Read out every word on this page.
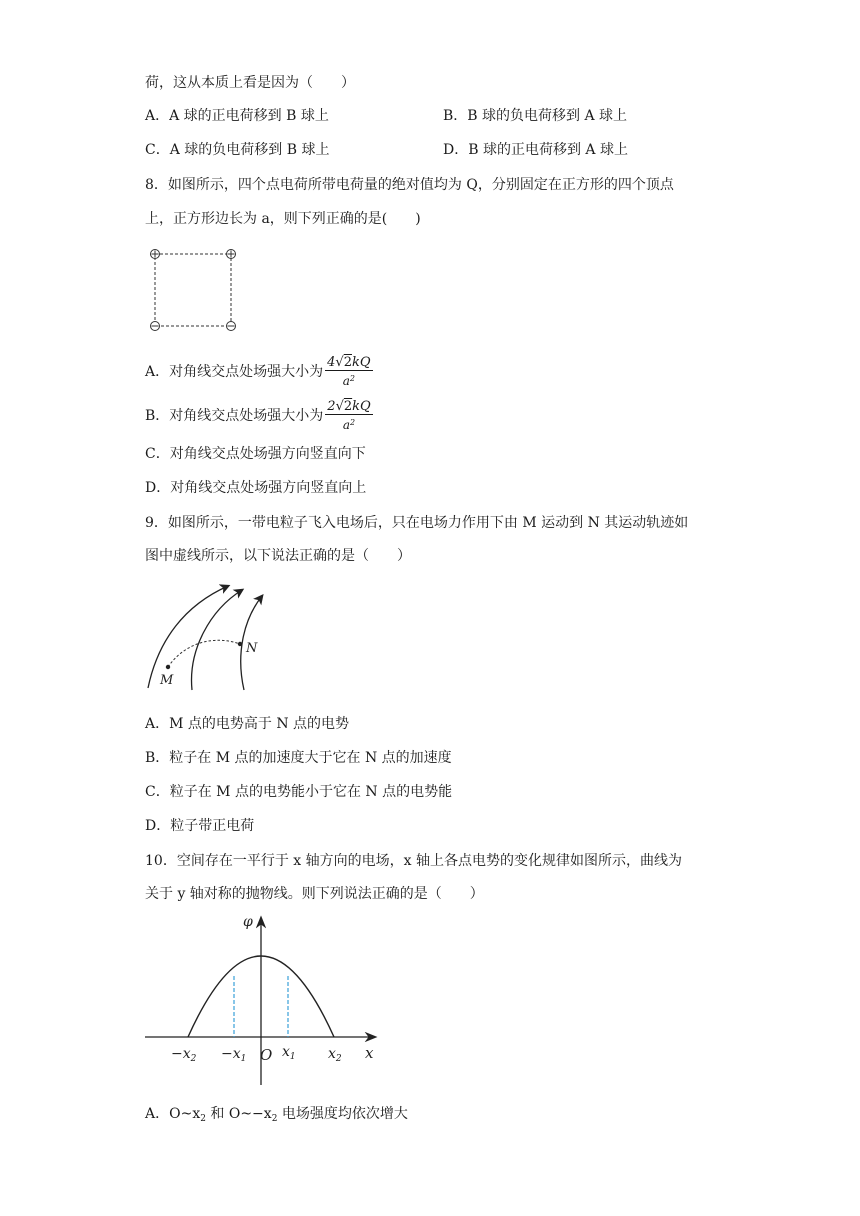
荷，这从本质上看是因为（　　）
A．A 球的正电荷移到 B 球上	B．B 球的负电荷移到 A 球上
C．A 球的负电荷移到 B 球上	D．B 球的正电荷移到 A 球上
8．如图所示，四个点电荷所带电荷量的绝对值均为 Q，分别固定在正方形的四个顶点
上，正方形边长为 a，则下列正确的是(　　)
A．对角线交点处场强大小为 $\frac{4√2kQ}{a^2}$
B．对角线交点处场强大小为 $\frac{2√2kQ}{a^2}$
C．对角线交点处场强方向竖直向下
D．对角线交点处场强方向竖直向上
9．如图所示，一带电粒子飞入电场后，只在电场力作用下由 M 运动到 N 其运动轨迹如
图中虚线所示，以下说法正确的是（　　）
M
N
A．M 点的电势高于 N 点的电势
B．粒子在 M 点的加速度大于它在 N 点的加速度
C．粒子在 M 点的电势能小于它在 N 点的电势能
D．粒子带正电荷
10．空间存在一平行于 x 轴方向的电场，x 轴上各点电势的变化规律如图所示，曲线为
关于 y 轴对称的抛物线。则下列说法正确的是（　　）
φ
x
O
$-x_2 -x_1$	$x_1$ $x_2$
A．$O\sim x_2$ 和 $O\sim-x_2$ 电场强度均依次增大
